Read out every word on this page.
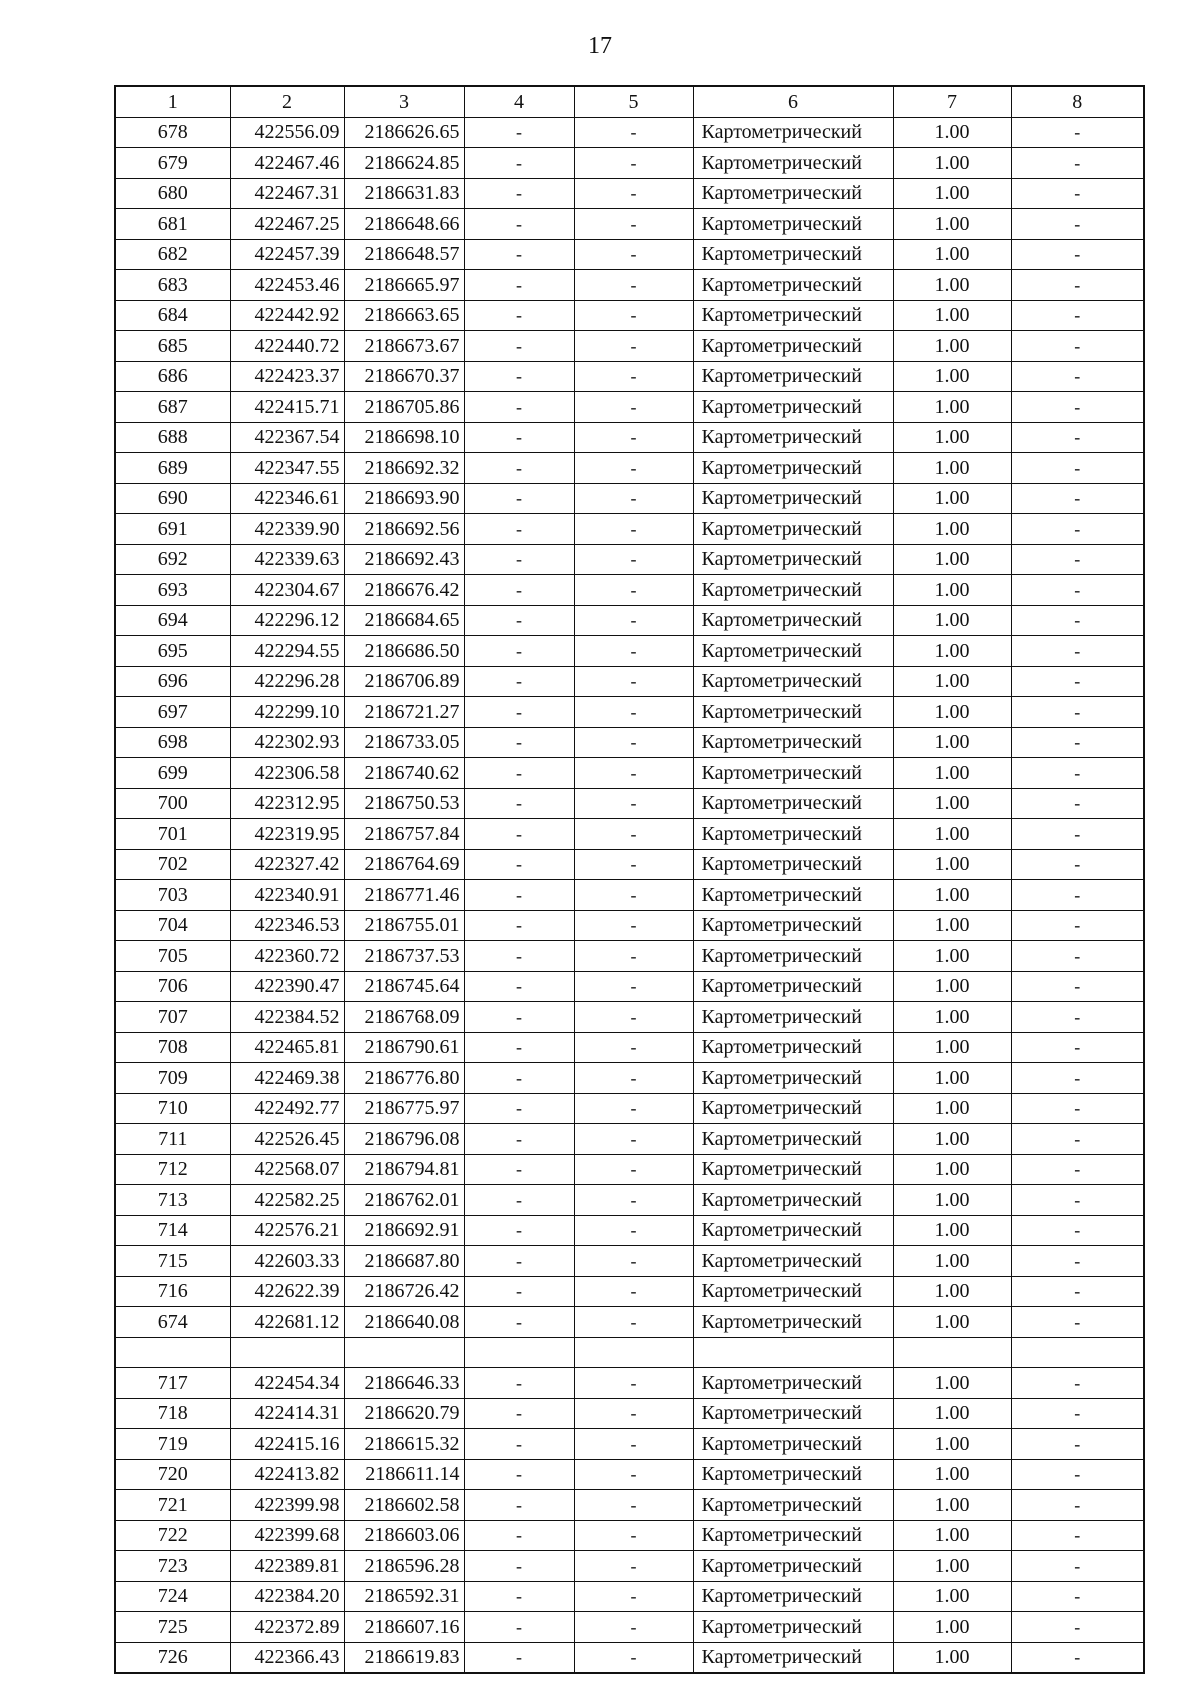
17
1	2	3	4	5	6	7	8
678	422556.09	2186626.65	-	-	Картометрический	1.00	-
679	422467.46	2186624.85	-	-	Картометрический	1.00	-
680	422467.31	2186631.83	-	-	Картометрический	1.00	-
681	422467.25	2186648.66	-	-	Картометрический	1.00	-
682	422457.39	2186648.57	-	-	Картометрический	1.00	-
683	422453.46	2186665.97	-	-	Картометрический	1.00	-
684	422442.92	2186663.65	-	-	Картометрический	1.00	-
685	422440.72	2186673.67	-	-	Картометрический	1.00	-
686	422423.37	2186670.37	-	-	Картометрический	1.00	-
687	422415.71	2186705.86	-	-	Картометрический	1.00	-
688	422367.54	2186698.10	-	-	Картометрический	1.00	-
689	422347.55	2186692.32	-	-	Картометрический	1.00	-
690	422346.61	2186693.90	-	-	Картометрический	1.00	-
691	422339.90	2186692.56	-	-	Картометрический	1.00	-
692	422339.63	2186692.43	-	-	Картометрический	1.00	-
693	422304.67	2186676.42	-	-	Картометрический	1.00	-
694	422296.12	2186684.65	-	-	Картометрический	1.00	-
695	422294.55	2186686.50	-	-	Картометрический	1.00	-
696	422296.28	2186706.89	-	-	Картометрический	1.00	-
697	422299.10	2186721.27	-	-	Картометрический	1.00	-
698	422302.93	2186733.05	-	-	Картометрический	1.00	-
699	422306.58	2186740.62	-	-	Картометрический	1.00	-
700	422312.95	2186750.53	-	-	Картометрический	1.00	-
701	422319.95	2186757.84	-	-	Картометрический	1.00	-
702	422327.42	2186764.69	-	-	Картометрический	1.00	-
703	422340.91	2186771.46	-	-	Картометрический	1.00	-
704	422346.53	2186755.01	-	-	Картометрический	1.00	-
705	422360.72	2186737.53	-	-	Картометрический	1.00	-
706	422390.47	2186745.64	-	-	Картометрический	1.00	-
707	422384.52	2186768.09	-	-	Картометрический	1.00	-
708	422465.81	2186790.61	-	-	Картометрический	1.00	-
709	422469.38	2186776.80	-	-	Картометрический	1.00	-
710	422492.77	2186775.97	-	-	Картометрический	1.00	-
711	422526.45	2186796.08	-	-	Картометрический	1.00	-
712	422568.07	2186794.81	-	-	Картометрический	1.00	-
713	422582.25	2186762.01	-	-	Картометрический	1.00	-
714	422576.21	2186692.91	-	-	Картометрический	1.00	-
715	422603.33	2186687.80	-	-	Картометрический	1.00	-
716	422622.39	2186726.42	-	-	Картометрический	1.00	-
674	422681.12	2186640.08	-	-	Картометрический	1.00	-

717	422454.34	2186646.33	-	-	Картометрический	1.00	-
718	422414.31	2186620.79	-	-	Картометрический	1.00	-
719	422415.16	2186615.32	-	-	Картометрический	1.00	-
720	422413.82	2186611.14	-	-	Картометрический	1.00	-
721	422399.98	2186602.58	-	-	Картометрический	1.00	-
722	422399.68	2186603.06	-	-	Картометрический	1.00	-
723	422389.81	2186596.28	-	-	Картометрический	1.00	-
724	422384.20	2186592.31	-	-	Картометрический	1.00	-
725	422372.89	2186607.16	-	-	Картометрический	1.00	-
726	422366.43	2186619.83	-	-	Картометрический	1.00	-
